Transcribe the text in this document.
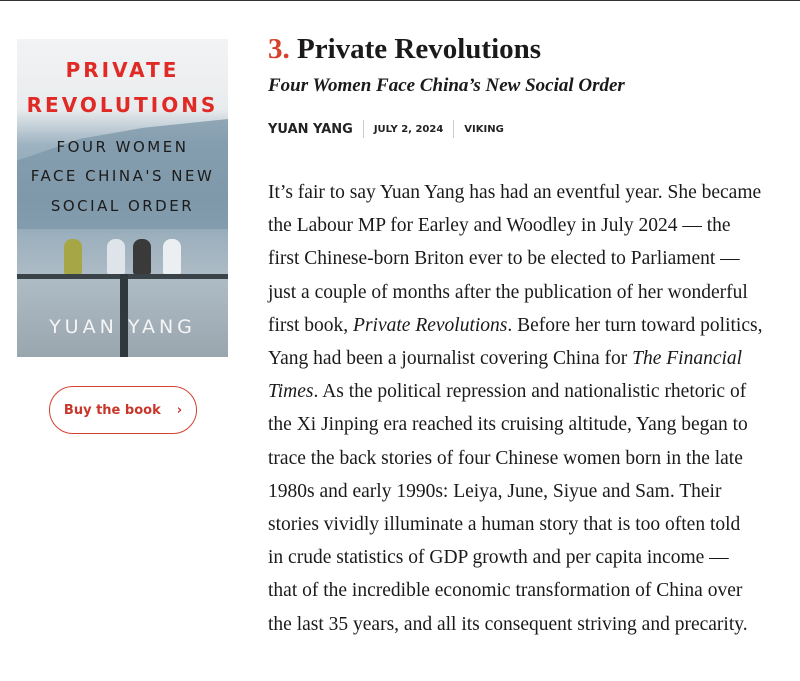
PRIVATE
REVOLUTIONS
FOUR WOMEN
FACE CHINA'S NEW
SOCIAL ORDER
YUAN YANG
Buy the book ›
3. Private Revolutions
Four Women Face China’s New Social Order
YUAN YANG JULY 2, 2024 VIKING
It’s fair to say Yuan Yang has had an eventful year. She became
the Labour MP for Earley and Woodley in July 2024 — the
first Chinese-born Briton ever to be elected to Parliament —
just a couple of months after the publication of her wonderful
first book, Private Revolutions. Before her turn toward politics,
Yang had been a journalist covering China for The Financial
Times. As the political repression and nationalistic rhetoric of
the Xi Jinping era reached its cruising altitude, Yang began to
trace the back stories of four Chinese women born in the late
1980s and early 1990s: Leiya, June, Siyue and Sam. Their
stories vividly illuminate a human story that is too often told
in crude statistics of GDP growth and per capita income —
that of the incredible economic transformation of China over
the last 35 years, and all its consequent striving and precarity.
